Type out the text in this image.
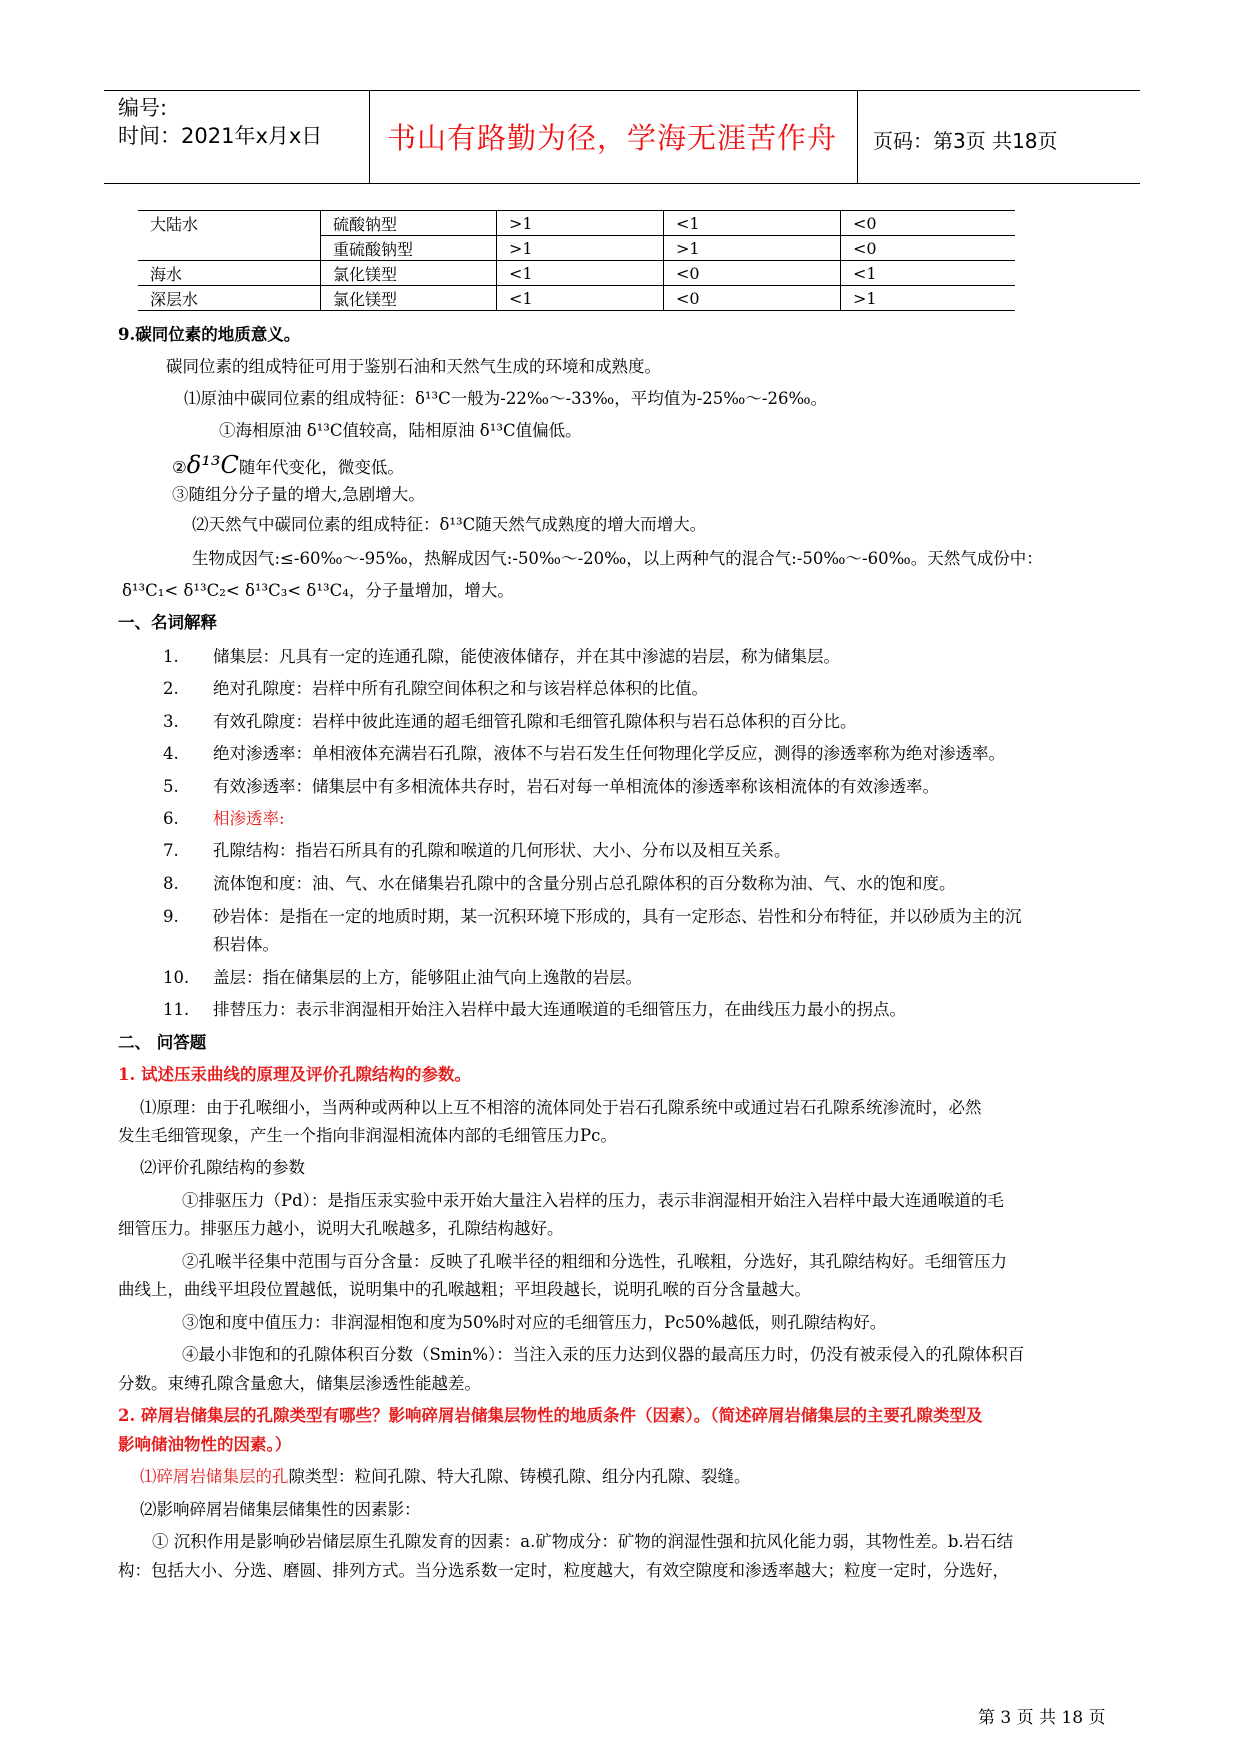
编号:
时间：2021年x月x日	书山有路勤为径，学海无涯苦作舟	页码：第3页 共18页
大陆水	硫酸钠型	>1	<1	<0
	重硫酸钠型	>1	>1	<0
海水	氯化镁型	<1	<0	<1
深层水	氯化镁型	<1	<0	>1
9.碳同位素的地质意义。
碳同位素的组成特征可用于鉴别石油和天然气生成的环境和成熟度。
⑴原油中碳同位素的组成特征：δ¹³C一般为-22‰～-33‰，平均值为-25‰～-26‰。
①海相原油 δ¹³C值较高，陆相原油 δ¹³C值偏低。
②δ¹³C随年代变化，微变低。
③随组分分子量的增大,急剧增大。
⑵天然气中碳同位素的组成特征：δ¹³C随天然气成熟度的增大而增大。
生物成因气:≤-60‰～-95‰，热解成因气:-50‰～-20‰，以上两种气的混合气:-50‰～-60‰。天然气成份中：
δ¹³C₁< δ¹³C₂< δ¹³C₃< δ¹³C₄，分子量增加，增大。
一、名词解释
1. 储集层：凡具有一定的连通孔隙，能使液体储存，并在其中渗滤的岩层，称为储集层。
2. 绝对孔隙度：岩样中所有孔隙空间体积之和与该岩样总体积的比值。
3. 有效孔隙度：岩样中彼此连通的超毛细管孔隙和毛细管孔隙体积与岩石总体积的百分比。
4. 绝对渗透率：单相液体充满岩石孔隙，液体不与岩石发生任何物理化学反应，测得的渗透率称为绝对渗透率。
5. 有效渗透率：储集层中有多相流体共存时，岩石对每一单相流体的渗透率称该相流体的有效渗透率。
6. 相渗透率:
7. 孔隙结构：指岩石所具有的孔隙和喉道的几何形状、大小、分布以及相互关系。
8. 流体饱和度：油、气、水在储集岩孔隙中的含量分别占总孔隙体积的百分数称为油、气、水的饱和度。
9. 砂岩体：是指在一定的地质时期，某一沉积环境下形成的，具有一定形态、岩性和分布特征，并以砂质为主的沉
积岩体。
10. 盖层：指在储集层的上方，能够阻止油气向上逸散的岩层。
11. 排替压力：表示非润湿相开始注入岩样中最大连通喉道的毛细管压力，在曲线压力最小的拐点。
二、 问答题
1. 试述压汞曲线的原理及评价孔隙结构的参数。
⑴原理：由于孔喉细小，当两种或两种以上互不相溶的流体同处于岩石孔隙系统中或通过岩石孔隙系统渗流时，必然
发生毛细管现象，产生一个指向非润湿相流体内部的毛细管压力Pc。
⑵评价孔隙结构的参数
①排驱压力（Pd）：是指压汞实验中汞开始大量注入岩样的压力，表示非润湿相开始注入岩样中最大连通喉道的毛
细管压力。排驱压力越小，说明大孔喉越多，孔隙结构越好。
②孔喉半径集中范围与百分含量：反映了孔喉半径的粗细和分选性，孔喉粗，分选好，其孔隙结构好。毛细管压力
曲线上，曲线平坦段位置越低，说明集中的孔喉越粗；平坦段越长，说明孔喉的百分含量越大。
③饱和度中值压力：非润湿相饱和度为50%时对应的毛细管压力，Pc50%越低，则孔隙结构好。
④最小非饱和的孔隙体积百分数（Smin%）：当注入汞的压力达到仪器的最高压力时，仍没有被汞侵入的孔隙体积百
分数。束缚孔隙含量愈大，储集层渗透性能越差。
2. 碎屑岩储集层的孔隙类型有哪些？影响碎屑岩储集层物性的地质条件（因素）。（简述碎屑岩储集层的主要孔隙类型及
影响储油物性的因素。）
⑴碎屑岩储集层的孔隙类型：粒间孔隙、特大孔隙、铸模孔隙、组分内孔隙、裂缝。
⑵影响碎屑岩储集层储集性的因素影：
① 沉积作用是影响砂岩储层原生孔隙发育的因素：a.矿物成分：矿物的润湿性强和抗风化能力弱，其物性差。b.岩石结
构：包括大小、分选、磨圆、排列方式。当分选系数一定时，粒度越大，有效空隙度和渗透率越大；粒度一定时，分选好，
第 3 页 共 18 页
